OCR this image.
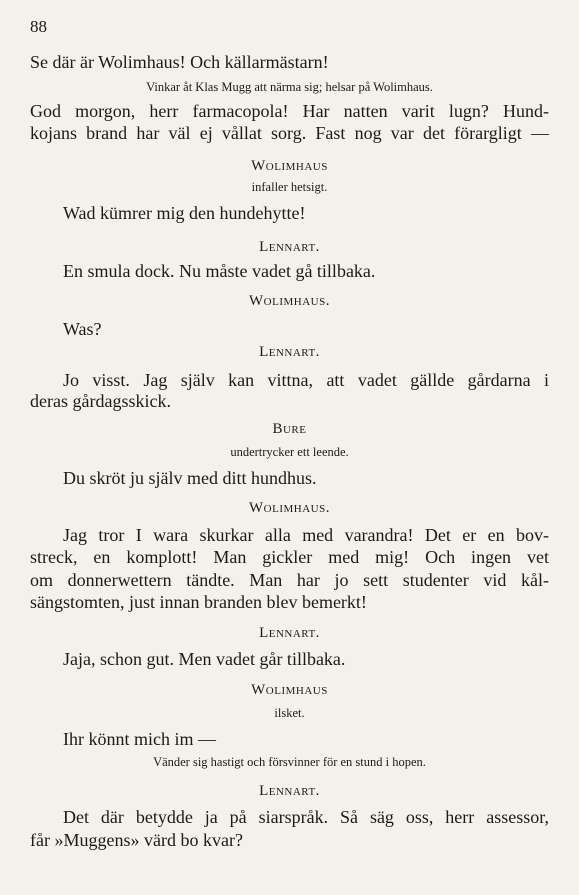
88
Se där är Wolimhaus! Och källarmästarn!
Vinkar åt Klas Mugg att närma sig; helsar på Wolimhaus.
God morgon, herr farmacopola! Har natten varit lugn? Hund-
kojans brand har väl ej vållat sorg. Fast nog var det förargligt —
Wolimhaus
infaller hetsigt.
Wad kümrer mig den hundehytte!
Lennart.
En smula dock. Nu måste vadet gå tillbaka.
Wolimhaus.
Was?
Lennart.
Jo visst. Jag själv kan vittna, att vadet gällde gårdarna i
deras gårdagsskick.
Bure
undertrycker ett leende.
Du skröt ju själv med ditt hundhus.
Wolimhaus.
Jag tror I wara skurkar alla med varandra! Det er en bov-
streck, en komplott! Man gickler med mig! Och ingen vet
om donnerwettern tändte. Man har jo sett studenter vid kål-
sängstomten, just innan branden blev bemerkt!
Lennart.
Jaja, schon gut. Men vadet går tillbaka.
Wolimhaus
ilsket.
Ihr könnt mich im —
Vänder sig hastigt och försvinner för en stund i hopen.
Lennart.
Det där betydde ja på siarspråk. Så säg oss, herr assessor,
får »Muggens» värd bo kvar?
